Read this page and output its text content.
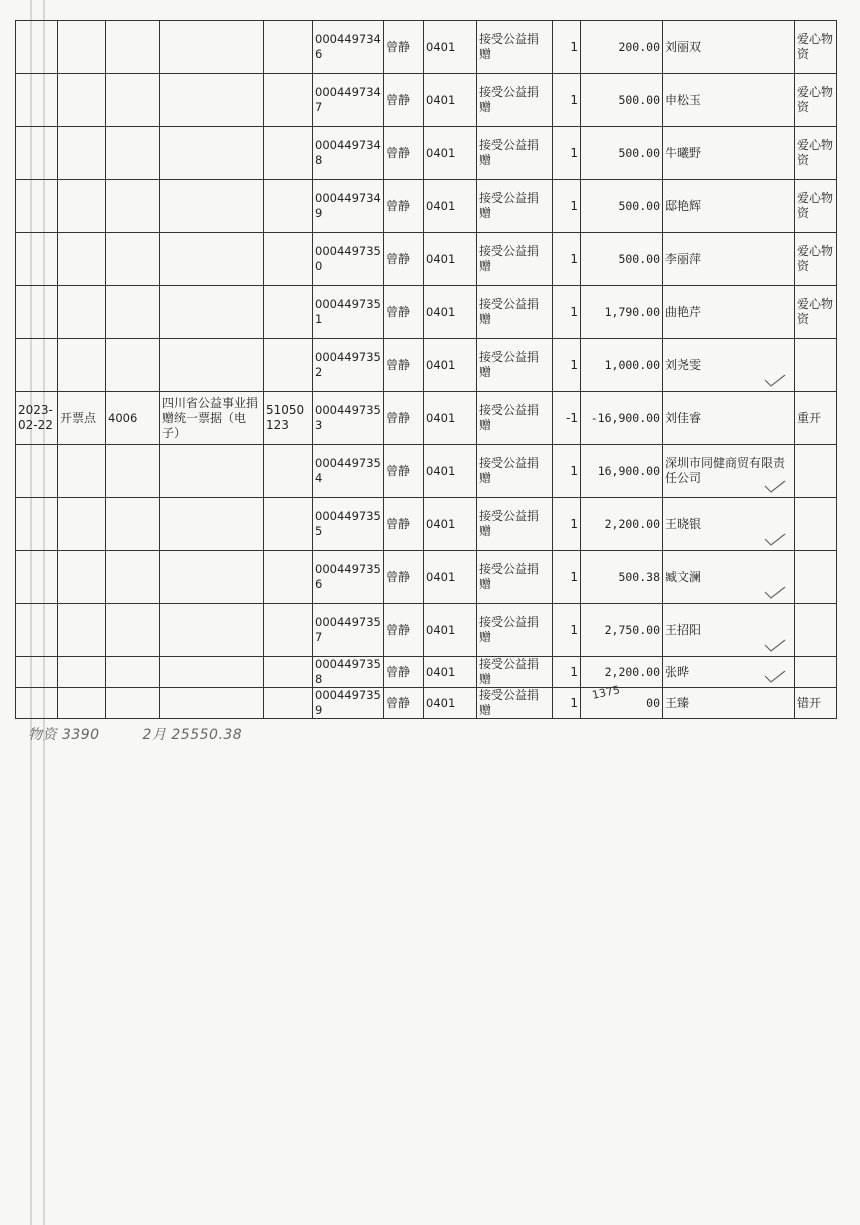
					0004497346	曾静	0401	接受公益捐赠	1	200.00	刘丽双	爱心物资
					0004497347	曾静	0401	接受公益捐赠	1	500.00	申松玉	爱心物资
					0004497348	曾静	0401	接受公益捐赠	1	500.00	牛曦野	爱心物资
					0004497349	曾静	0401	接受公益捐赠	1	500.00	邸艳辉	爱心物资
					0004497350	曾静	0401	接受公益捐赠	1	500.00	李丽萍	爱心物资
					0004497351	曾静	0401	接受公益捐赠	1	1,790.00	曲艳芹	爱心物资
					0004497352	曾静	0401	接受公益捐赠	1	1,000.00	刘尧雯

2023-02-22	开票点	4006	四川省公益事业捐赠统一票据（电子）	51050123	0004497353	曾静	0401	接受公益捐赠	-1	-16,900.00	刘佳睿	重开
					0004497354	曾静	0401	接受公益捐赠	1	16,900.00	深圳市同健商贸有限责任公司

					0004497355	曾静	0401	接受公益捐赠	1	2,200.00	王晓银

					0004497356	曾静	0401	接受公益捐赠	1	500.38	臧文澜

					0004497357	曾静	0401	接受公益捐赠	1	2,750.00	王招阳

					0004497358	曾静	0401	接受公益捐赠	1	2,200.00	张晔

					0004497359	曾静	0401	接受公益捐赠	1	00	王臻	错开
1375
物资 3390	2月 25550.38
